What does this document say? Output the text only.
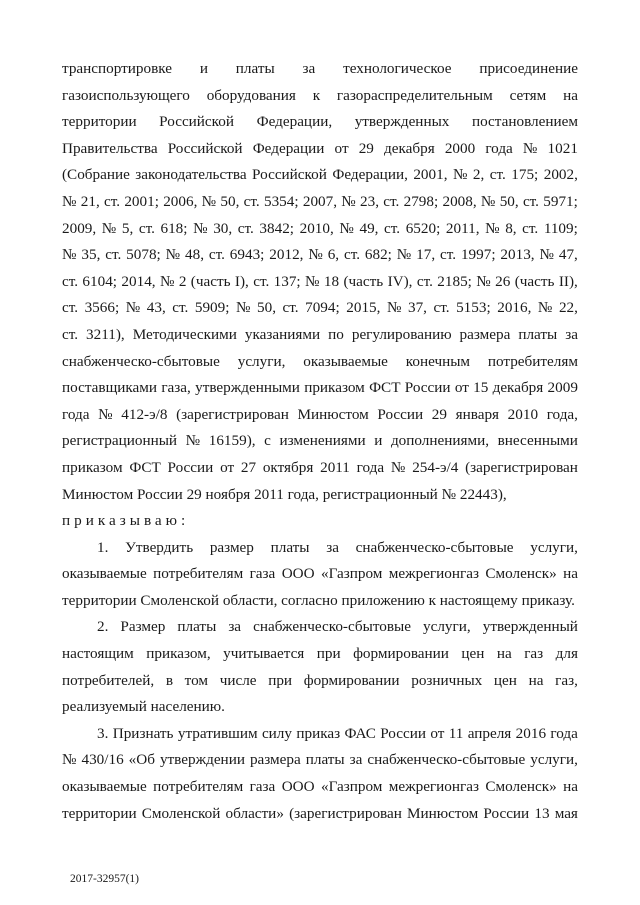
транспортировке и платы за технологическое присоединение
газоиспользующего оборудования к газораспределительным сетям на
территории Российской Федерации, утвержденных постановлением
Правительства Российской Федерации от 29 декабря 2000 года № 1021
(Собрание законодательства Российской Федерации, 2001, № 2, ст. 175; 2002,
№ 21, ст. 2001; 2006, № 50, ст. 5354; 2007, № 23, ст. 2798; 2008, № 50, ст. 5971;
2009, № 5, ст. 618; № 30, ст. 3842; 2010, № 49, ст. 6520; 2011, № 8, ст. 1109;
№ 35, ст. 5078; № 48, ст. 6943; 2012, № 6, ст. 682; № 17, ст. 1997; 2013, № 47,
ст. 6104; 2014, № 2 (часть I), ст. 137; № 18 (часть IV), ст. 2185; № 26 (часть II),
ст. 3566; № 43, ст. 5909; № 50, ст. 7094; 2015, № 37, ст. 5153; 2016, № 22,
ст. 3211), Методическими указаниями по регулированию размера платы за
снабженческо-сбытовые услуги, оказываемые конечным потребителям
поставщиками газа, утвержденными приказом ФСТ России от 15 декабря 2009
года № 412-э/8 (зарегистрирован Минюстом России 29 января 2010 года,
регистрационный № 16159), с изменениями и дополнениями, внесенными
приказом ФСТ России от 27 октября 2011 года № 254-э/4 (зарегистрирован
Минюстом России 29 ноября 2011 года, регистрационный № 22443),
приказываю:
1. Утвердить размер платы за снабженческо-сбытовые услуги,
оказываемые потребителям газа ООО «Газпром межрегионгаз Смоленск» на
территории Смоленской области, согласно приложению к настоящему приказу.
2. Размер платы за снабженческо-сбытовые услуги, утвержденный
настоящим приказом, учитывается при формировании цен на газ для
потребителей, в том числе при формировании розничных цен на газ,
реализуемый населению.
3. Признать утратившим силу приказ ФАС России от 11 апреля 2016 года
№ 430/16 «Об утверждении размера платы за снабженческо-сбытовые услуги,
оказываемые потребителям газа ООО «Газпром межрегионгаз Смоленск» на
территории Смоленской области» (зарегистрирован Минюстом России 13 мая
2017-32957(1)
